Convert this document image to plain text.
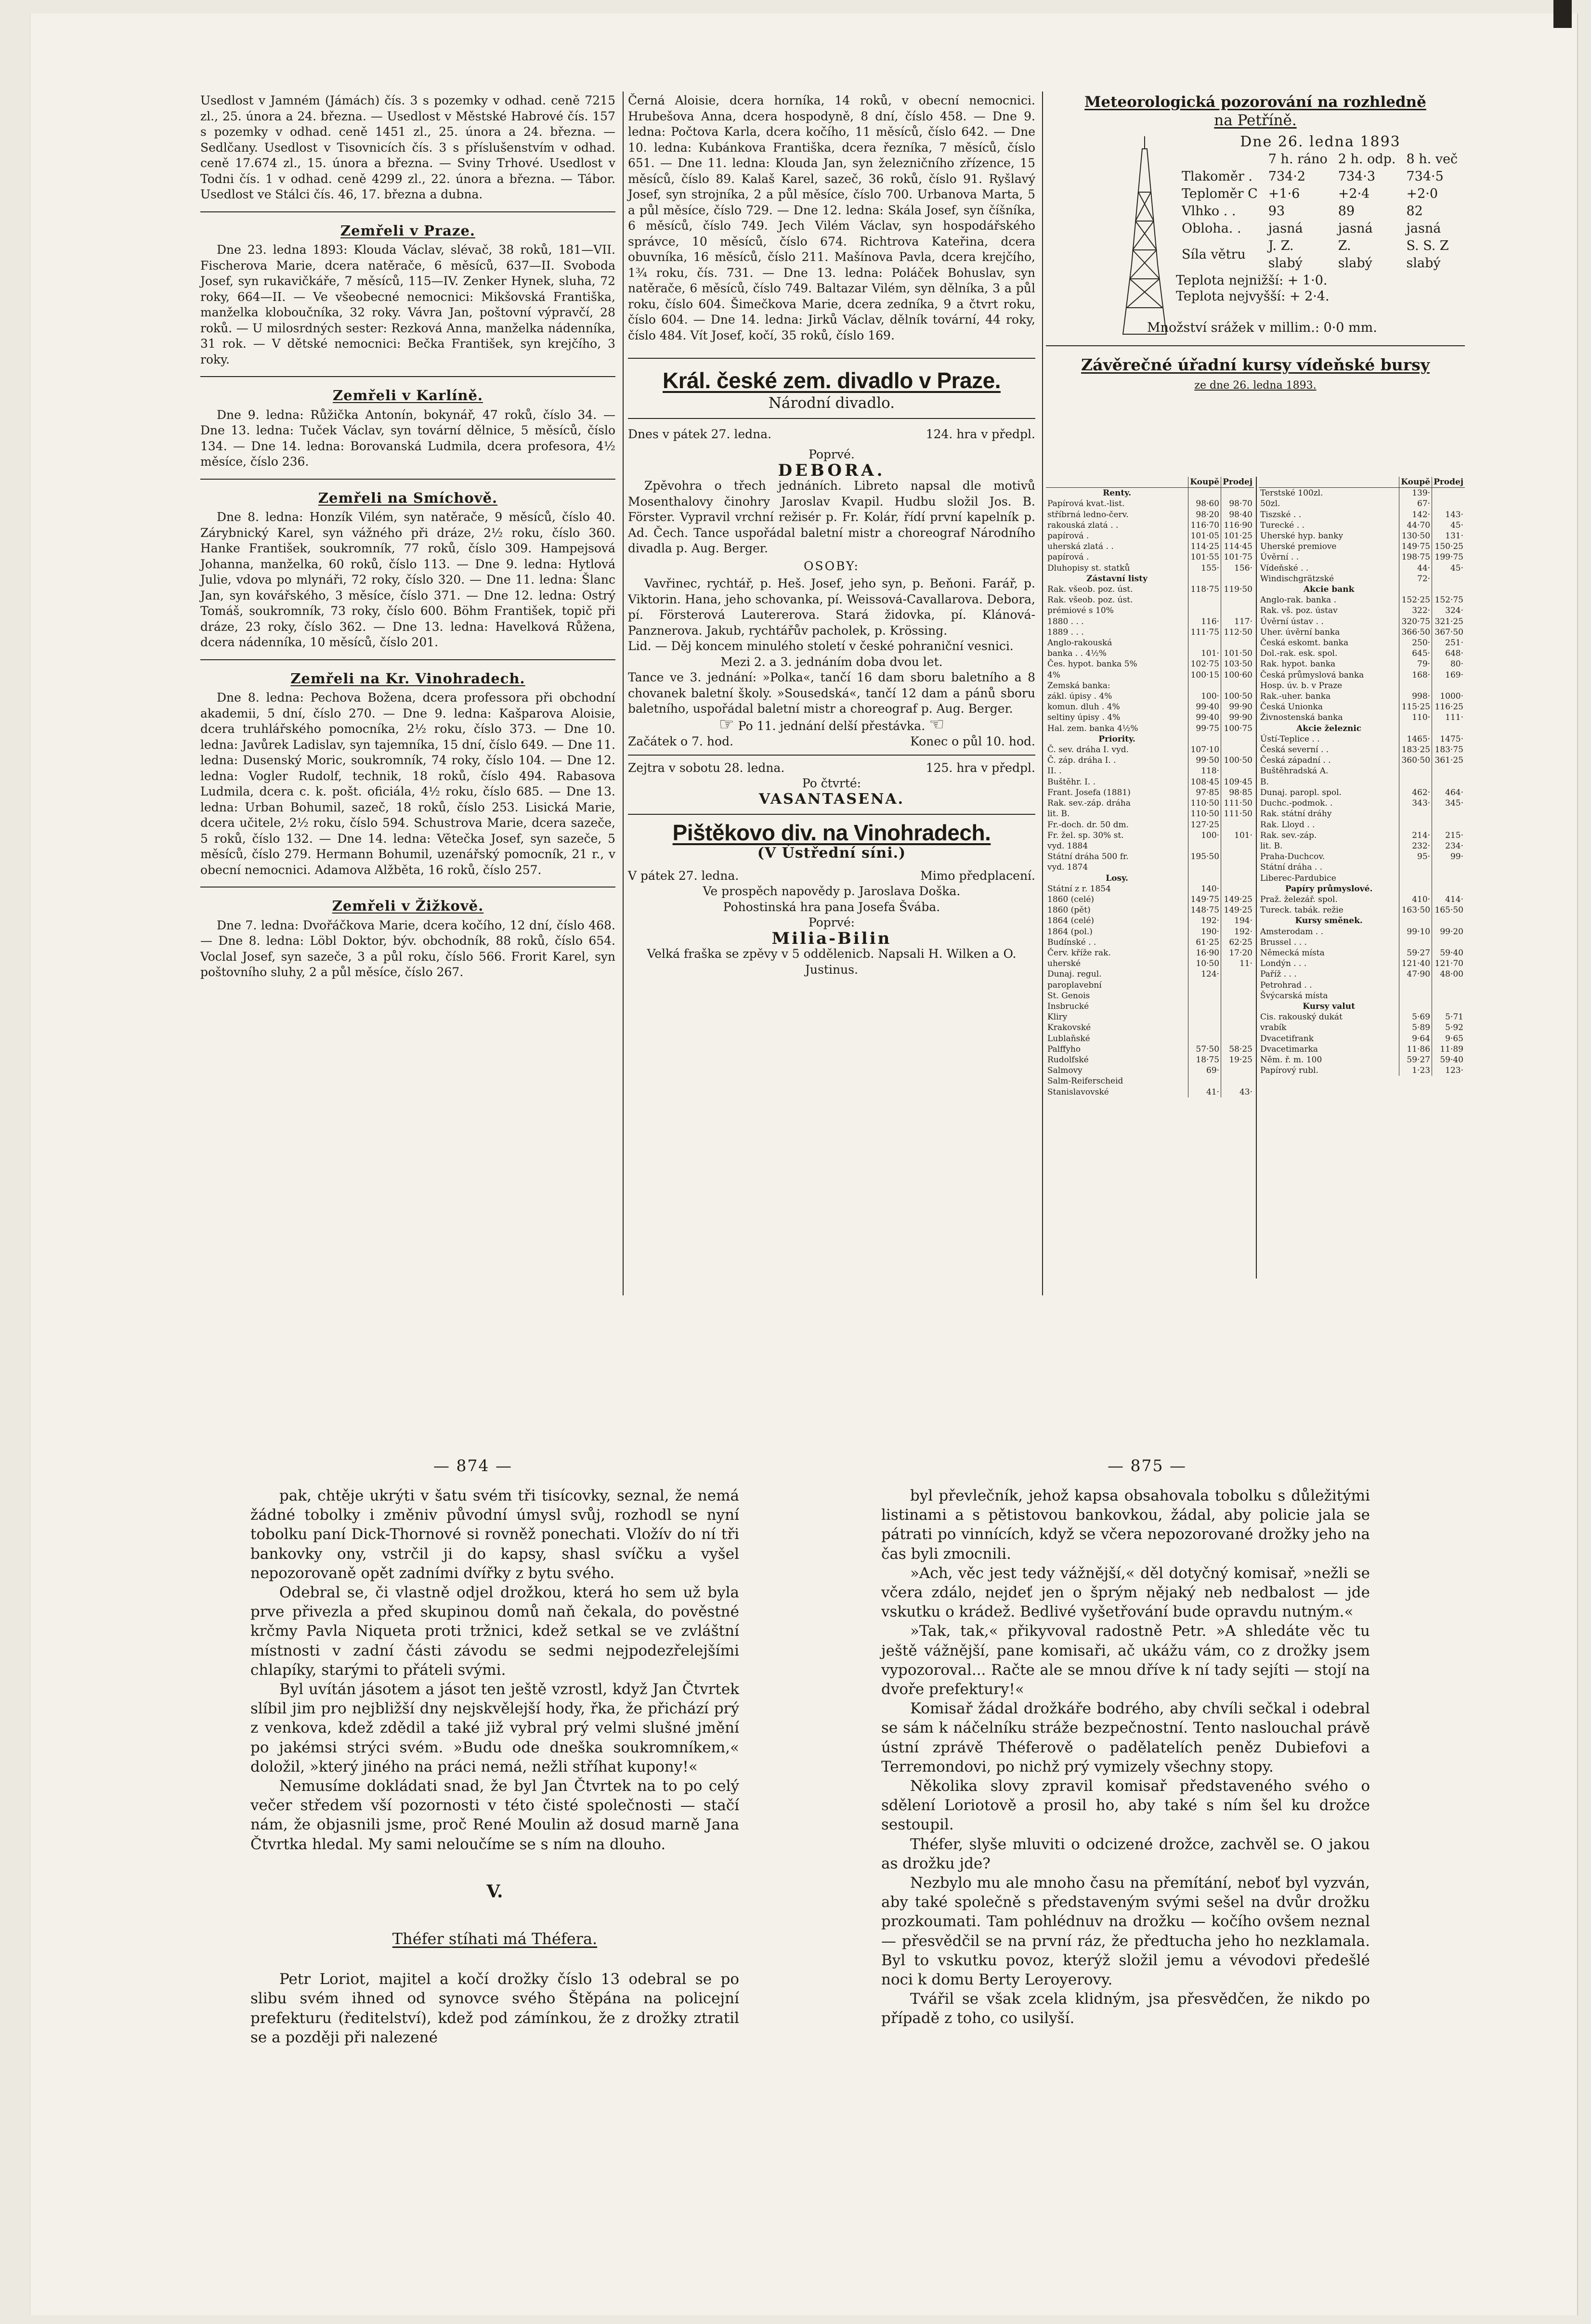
Usedlost v Jamném (Jámách) čís. 3 s pozemky v odhad. ceně 7215 zl., 25. února a 24. března. — Usedlost v Městské Habrové čís. 157 s pozemky v odhad. ceně 1451 zl., 25. února a 24. března. — Sedlčany. Usedlost v Tisovnicích čís. 3 s příslušenstvím v odhad. ceně 17.674 zl., 15. února a března. — Sviny Trhové. Usedlost v Todni čís. 1 v odhad. ceně 4299 zl., 22. února a března. — Tábor. Usedlost ve Stálci čís. 46, 17. března a dubna.

Zemřeli v Praze.

Dne 23. ledna 1893: Klouda Václav, slévač, 38 roků, 181—VII. Fischerova Marie, dcera natěrače, 6 měsíců, 637—II. Svoboda Josef, syn rukavičkáře, 7 měsíců, 115—IV. Zenker Hynek, sluha, 72 roky, 664—II. — Ve všeobecné nemocnici: Mikšovská Františka, manželka kloboučníka, 32 roky. Vávra Jan, poštovní výpravčí, 28 roků. — U milosrdných sester: Rezková Anna, manželka nádenníka, 31 rok. — V dětské nemocnici: Bečka František, syn krejčího, 3 roky.

Zemřeli v Karlíně.

Dne 9. ledna: Růžička Antonín, bokynář, 47 roků, číslo 34. — Dne 13. ledna: Tuček Václav, syn tovární dělnice, 5 měsíců, číslo 134. — Dne 14. ledna: Borovanská Ludmila, dcera profesora, 4½ měsíce, číslo 236.

Zemřeli na Smíchově.

Dne 8. ledna: Honzík Vilém, syn natěrače, 9 měsíců, číslo 40. Zárybnický Karel, syn vážného při dráze, 2½ roku, číslo 360. Hanke František, soukromník, 77 roků, číslo 309. Hampejsová Johanna, manželka, 60 roků, číslo 113. — Dne 9. ledna: Hytlová Julie, vdova po mlynáři, 72 roky, číslo 320. — Dne 11. ledna: Šlanc Jan, syn kovářského, 3 měsíce, číslo 371. — Dne 12. ledna: Ostrý Tomáš, soukromník, 73 roky, číslo 600. Böhm František, topič při dráze, 23 roky, číslo 362. — Dne 13. ledna: Havelková Růžena, dcera nádenníka, 10 měsíců, číslo 201.

Zemřeli na Kr. Vinohradech.

Dne 8. ledna: Pechova Božena, dcera professora při obchodní akademii, 5 dní, číslo 270. — Dne 9. ledna: Kašparova Aloisie, dcera truhlářského pomocníka, 2½ roku, číslo 373. — Dne 10. ledna: Javůrek Ladislav, syn tajemníka, 15 dní, číslo 649. — Dne 11. ledna: Dusenský Moric, soukromník, 74 roky, číslo 104. — Dne 12. ledna: Vogler Rudolf, technik, 18 roků, číslo 494. Rabasova Ludmila, dcera c. k. pošt. oficiála, 4½ roku, číslo 685. — Dne 13. ledna: Urban Bohumil, sazeč, 18 roků, číslo 253. Lisická Marie, dcera učitele, 2½ roku, číslo 594. Schustrova Marie, dcera sazeče, 5 roků, číslo 132. — Dne 14. ledna: Větečka Josef, syn sazeče, 5 měsíců, číslo 279. Hermann Bohumil, uzenářský pomocník, 21 r., v obecní nemocnici. Adamova Alžběta, 16 roků, číslo 257.

Zemřeli v Žižkově.

Dne 7. ledna: Dvořáčkova Marie, dcera kočího, 12 dní, číslo 468. — Dne 8. ledna: Löbl Doktor, býv. obchodník, 88 roků, číslo 654. Voclal Josef, syn sazeče, 3 a půl roku, číslo 566. Frorit Karel, syn poštovního sluhy, 2 a půl měsíce, číslo 267.

Černá Aloisie, dcera horníka, 14 roků, v obecní nemocnici. Hrubešova Anna, dcera hospodyně, 8 dní, číslo 458. — Dne 9. ledna: Počtova Karla, dcera kočího, 11 měsíců, číslo 642. — Dne 10. ledna: Kubánkova Františka, dcera řezníka, 7 měsíců, číslo 651. — Dne 11. ledna: Klouda Jan, syn železničního zřízence, 15 měsíců, číslo 89. Kalaš Karel, sazeč, 36 roků, číslo 91. Ryšlavý Josef, syn strojníka, 2 a půl měsíce, číslo 700. Urbanova Marta, 5 a půl měsíce, číslo 729. — Dne 12. ledna: Skála Josef, syn číšníka, 6 měsíců, číslo 749. Jech Vilém Václav, syn hospodářského správce, 10 měsíců, číslo 674. Richtrova Kateřina, dcera obuvníka, 16 měsíců, číslo 211. Mašínova Pavla, dcera krejčího, 1¾ roku, čís. 731. — Dne 13. ledna: Poláček Bohuslav, syn natěrače, 6 měsíců, číslo 749. Baltazar Vilém, syn dělníka, 3 a půl roku, číslo 604. Šimečkova Marie, dcera zedníka, 9 a čtvrt roku, číslo 604. — Dne 14. ledna: Jirků Václav, dělník tovární, 44 roky, číslo 484. Vít Josef, kočí, 35 roků, číslo 169.

Král. české zem. divadlo v Praze.
Národní divadlo.
Dnes v pátek 27. ledna.	124. hra v předpl.
Poprvé.
DEBORA.

Zpěvohra o třech jednáních. Libreto napsal dle motivů Mosenthalovy činohry Jaroslav Kvapil. Hudbu složil Jos. B. Förster. Vypravil vrchní režisér p. Fr. Kolár, řídí první kapelník p. Ad. Čech. Tance uspořádal baletní mistr a choreograf Národního divadla p. Aug. Berger.

OSOBY:

Vavřinec, rychtář, p. Heš. Josef, jeho syn, p. Beňoni. Farář, p. Viktorin. Hana, jeho schovanka, pí. Weissová-Cavallarova. Debora, pí. Försterová Lautererova. Stará židovka, pí. Klánová-Panznerova. Jakub, rychtářův pacholek, p. Krössing.

Lid. — Děj koncem minulého století v české pohraniční vesnici.

Mezi 2. a 3. jednáním doba dvou let.

Tance ve 3. jednání: »Polka«, tančí 16 dam sboru baletního a 8 chovanek baletní školy. »Sousedská«, tančí 12 dam a pánů sboru baletního, uspořádal baletní mistr a choreograf p. Aug. Berger.

☞ Po 11. jednání delší přestávka. ☜
Začátek o 7. hod.	Konec o půl 10. hod.
Zejtra v sobotu 28. ledna.	125. hra v předpl.
Po čtvrté:
VASANTASENA.
Pištěkovo div. na Vinohradech.
(V Ústřední síni.)
V pátek 27. ledna.	Mimo předplacení.
Ve prospěch napovědy p. Jaroslava Doška.
Pohostinská hra pana Josefa Švába.
Poprvé:
Milia-Bilin
Velká fraška se zpěvy v 5 oddělenicb. Napsali H. Wilken a O. Justinus.
Meteorologická pozorování na rozhledně
na Petříně.
Dne 26. ledna 1893
	7 h. ráno	2 h. odp.	8 h. več
Tlakoměr .	734·2	734·3	734·5
Teploměr C	+1·6	+2·4	+2·0
Vlhko . .	93	89	82
Obloha. .	jasná	jasná	jasná
Síla větru	J. Z.	Z.	S. S. Z
	slabý	slabý	slabý
Teplota nejnižší: + 1·0.
Teplota nejvyšší: + 2·4.
Množství srážek v millim.: 0·0 mm.
Závěrečné úřadní kursy vídeňské bursy
ze dne 26. ledna 1893.
	Koupě	Prodej
Renty.		
Papírová kvat.-list.	98·60	98·70
stříbrná ledno-červ.	98·20	98·40
rakouská zlatá . .	116·70	116·90
papírová .	101·05	101·25
uherská zlatá . .	114·25	114·45
papírová .	101·55	101·75
Dluhopisy st. statků	155·	156·
Zástavní listy		
Rak. všeob. poz. úst.	118·75	119·50
Rak. všeob. poz. úst.		
prémiové s 10%		
1880 . . .	116·	117·
1889 . . .	111·75	112·50
Anglo-rakouská		
banka . . 4½%	101·	101·50
Čes. hypot. banka 5%	102·75	103·50
4%	100·15	100·60
Zemská banka:		
zákl. úpisy . 4%	100·	100·50
komun. dluh . 4%	99·40	99·90
seltiny úpisy . 4%	99·40	99·90
Hal. zem. banka 4½%	99·75	100·75
Priority.		
Č. sev. dráha I. vyd.	107·10	
Č. záp. dráha I. .	99·50	100·50
II. .	118·	
Buštěhr. I. .	108·45	109·45
Frant. Josefa (1881)	97·85	98·85
Rak. sev.-záp. dráha	110·50	111·50
lit. B.	110·50	111·50
Fr.-doch. dr. 50 dm.	127·25	
Fr. žel. sp. 30% st.	100·	101·
vyd. 1884		
Státní dráha 500 fr.	195·50	
vyd. 1874		
Losy.		
Státní z r. 1854	140·	
1860 (celé)	149·75	149·25
1860 (pět)	148·75	149·25
1864 (celé)	192·	194·
1864 (pol.)	190·	192·
Budínské . .	61·25	62·25
Červ. kříže rak.	16·90	17·20
uherské	10·50	11·
Dunaj. regul.	124·	
paroplavební		
St. Genois		
Insbrucké		
Kliry		
Krakovské		
Lublaňské		
Palffyho	57·50	58·25
Rudolfské	18·75	19·25
Salmovy	69·	
Salm-Reiferscheid		
Stanislavovské	41·	43·
	Koupě	Prodej
Terstské 100zl.	139·	
50zl.	67·	
Tiszské . .	142·	143·
Turecké . .	44·70	45·
Uherské hyp. banky	130·50	131·
Uherské premiove	149·75	150·25
Úvěrní . .	198·75	199·75
Vídeňské . .	44·	45·
Windischgrätzské	72·	
Akcie bank		
Anglo-rak. banka .	152·25	152·75
Rak. vš. poz. ústav	322·	324·
Úvěrní ústav . .	320·75	321·25
Uher. úvěrní banka	366·50	367·50
Česká eskomt. banka	250·	251·
Dol.-rak. esk. spol.	645·	648·
Rak. hypot. banka	79·	80·
Česká průmyslová banka	168·	169·
Hosp. úv. b. v Praze		
Rak.-uher. banka	998·	1000·
Česká Unionka	115·25	116·25
Živnostenská banka	110·	111·
Akcie železnic		
Ústí-Teplice . .	1465·	1475·
Česká severní . .	183·25	183·75
Česká západní . .	360·50	361·25
Buštěhradská A.		
B.		
Dunaj. paropl. spol.	462·	464·
Duchc.-podmok. .	343·	345·
Rak. státní dráhy		
Rak. Lloyd . .		
Rak. sev.-záp.	214·	215·
lit. B.	232·	234·
Praha-Duchcov.	95·	99·
Státní dráha . .		
Liberec-Pardubice		
Papíry průmyslové.		
Praž. železář. spol.	410·	414·
Tureck. tabák. režie	163·50	165·50
Kursy směnek.		
Amsterodam . .	99·10	99·20
Brussel . . .		
Německá místa	59·27	59·40
Londýn . . .	121·40	121·70
Paříž . . .	47·90	48·00
Petrohrad . .		
Švýcarská místa		
Kursy valut		
Cis. rakouský dukát	5·69	5·71
vrabík	5·89	5·92
Dvacetifrank	9·64	9·65
Dvacetimarka	11·86	11·89
Něm. ř. m. 100	59·27	59·40
Papírový rubl.	1·23	123·
— 874 —	— 875 —

pak, chtěje ukrýti v šatu svém tři tisícovky, seznal, že nemá žádné tobolky i změniv původní úmysl svůj, rozhodl se nyní tobolku paní Dick-Thornové si rovněž ponechati. Vložív do ní tři bankovky ony, vstrčil ji do kapsy, shasl svíčku a vyšel nepozorovaně opět zadními dvířky z bytu svého.

Odebral se, či vlastně odjel drožkou, která ho sem už byla prve přivezla a před skupinou domů naň čekala, do pověstné krčmy Pavla Niqueta proti tržnici, kdež setkal se ve zvláštní místnosti v zadní části závodu se sedmi nejpodezřelejšími chlapíky, starými to přáteli svými.

Byl uvítán jásotem a jásot ten ještě vzrostl, když Jan Čtvrtek slíbil jim pro nejbližší dny nejskvělejší hody, řka, že přichází prý z venkova, kdež zdědil a také již vybral prý velmi slušné jmění po jakémsi strýci svém. »Budu ode dneška soukromníkem,« doložil, »který jiného na práci nemá, nežli stříhat kupony!«

Nemusíme dokládati snad, že byl Jan Čtvrtek na to po celý večer středem vší pozornosti v této čisté společnosti — stačí nám, že objasnili jsme, proč René Moulin až dosud marně Jana Čtvrtka hledal. My sami neloučíme se s ním na dlouho.

V.
Théfer stíhati má Théfera.

Petr Loriot, majitel a kočí drožky číslo 13 odebral se po slibu svém ihned od synovce svého Štěpána na policejní prefekturu (ředitelství), kdež pod zámínkou, že z drožky ztratil se a později při nalezené

byl převlečník, jehož kapsa obsahovala tobolku s důležitými listinami a s pětistovou bankovkou, žádal, aby policie jala se pátrati po vinnících, když se včera nepozorované drožky jeho na čas byli zmocnili.

»Ach, věc jest tedy vážnější,« děl dotyčný komisař, »nežli se včera zdálo, nejdeť jen o šprým nějaký neb nedbalost — jde vskutku o krádež. Bedlivé vyšetřování bude opravdu nutným.«

»Tak, tak,« přikyvoval radostně Petr. »A shledáte věc tu ještě vážnější, pane komisaři, ač ukážu vám, co z drožky jsem vypozoroval... Račte ale se mnou dříve k ní tady sejíti — stojí na dvoře prefektury!«

Komisař žádal drožkáře bodrého, aby chvíli sečkal i odebral se sám k náčelníku stráže bezpečnostní. Tento naslouchal právě ústní zprávě Théferově o padělatelích peněz Dubiefovi a Terremondovi, po nichž prý vymizely všechny stopy.

Několika slovy zpravil komisař představeného svého o sdělení Loriotově a prosil ho, aby také s ním šel ku drožce sestoupil.

Théfer, slyše mluviti o odcizené drožce, zachvěl se. O jakou as drožku jde?

Nezbylo mu ale mnoho času na přemítání, neboť byl vyzván, aby také společně s představeným svými sešel na dvůr drožku prozkoumati. Tam pohlédnuv na drožku — kočího ovšem neznal — přesvědčil se na první ráz, že předtucha jeho ho nezklamala. Byl to vskutku povoz, kterýž složil jemu a vévodovi předešlé noci k domu Berty Leroyerovy.

Tvářil se však zcela klidným, jsa přesvědčen, že nikdo po případě z toho, co usilyší.
